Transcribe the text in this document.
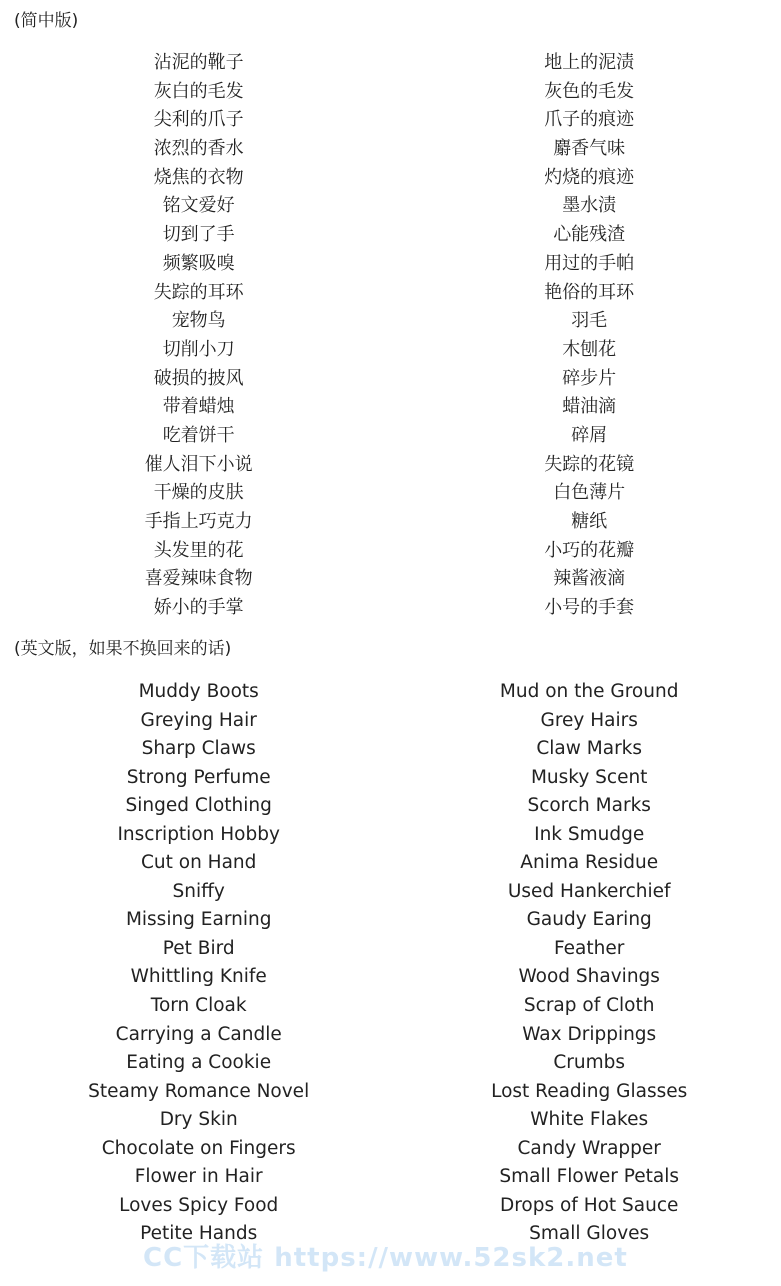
(简中版)
沾泥的靴子	地上的泥渍
灰白的毛发	灰色的毛发
尖利的爪子	爪子的痕迹
浓烈的香水	麝香气味
烧焦的衣物	灼烧的痕迹
铭文爱好	墨水渍
切到了手	心能残渣
频繁吸嗅	用过的手帕
失踪的耳环	艳俗的耳环
宠物鸟	羽毛
切削小刀	木刨花
破损的披风	碎步片
带着蜡烛	蜡油滴
吃着饼干	碎屑
催人泪下小说	失踪的花镜
干燥的皮肤	白色薄片
手指上巧克力	糖纸
头发里的花	小巧的花瓣
喜爱辣味食物	辣酱液滴
娇小的手掌	小号的手套
(英文版，如果不换回来的话)
Muddy Boots	Mud on the Ground
Greying Hair	Grey Hairs
Sharp Claws	Claw Marks
Strong Perfume	Musky Scent
Singed Clothing	Scorch Marks
Inscription Hobby	Ink Smudge
Cut on Hand	Anima Residue
Sniffy	Used Hankerchief
Missing Earning	Gaudy Earing
Pet Bird	Feather
Whittling Knife	Wood Shavings
Torn Cloak	Scrap of Cloth
Carrying a Candle	Wax Drippings
Eating a Cookie	Crumbs
Steamy Romance Novel	Lost Reading Glasses
Dry Skin	White Flakes
Chocolate on Fingers	Candy Wrapper
Flower in Hair	Small Flower Petals
Loves Spicy Food	Drops of Hot Sauce
Petite Hands	Small Gloves
CC下载站 https://www.52sk2.net
